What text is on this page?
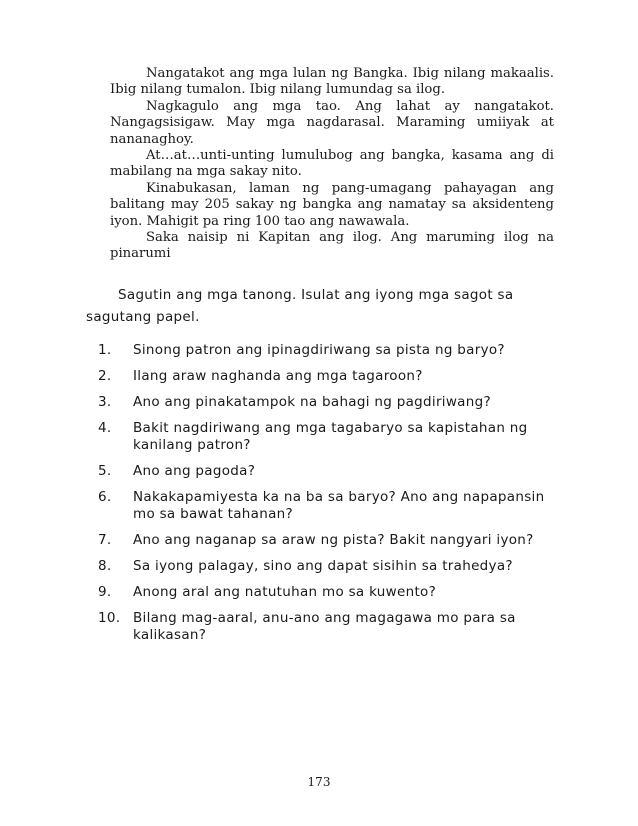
Nangatakot ang mga lulan ng Bangka. Ibig nilang makaalis. Ibig nilang tumalon. Ibig nilang lumundag sa ilog.

Nagkagulo ang mga tao. Ang lahat ay nangatakot. Nangagsisigaw. May mga nagdarasal. Maraming umiiyak at nananaghoy.

At…at…unti-unting lumulubog ang bangka, kasama ang di mabilang na mga sakay nito.

Kinabukasan, laman ng pang-umagang pahayagan ang balitang may 205 sakay ng bangka ang namatay sa aksidenteng iyon. Mahigit pa ring 100 tao ang nawawala.

Saka naisip ni Kapitan ang ilog. Ang maruming ilog na pinarumi

Sagutin ang mga tanong. Isulat ang iyong mga sagot sa sagutang papel.

1.	Sinong patron ang ipinagdiriwang sa pista ng baryo?
2.	Ilang araw naghanda ang mga tagaroon?
3.	Ano ang pinakatampok na bahagi ng pagdiriwang?
4.	Bakit nagdiriwang ang mga tagabaryo sa kapistahan ng kanilang patron?
5.	Ano ang pagoda?
6.	Nakakapamiyesta ka na ba sa baryo? Ano ang napapansin mo sa bawat tahanan?
7.	Ano ang naganap sa araw ng pista? Bakit nangyari iyon?
8.	Sa iyong palagay, sino ang dapat sisihin sa trahedya?
9.	Anong aral ang natutuhan mo sa kuwento?
10. Bilang mag-aaral, anu-ano ang magagawa mo para sa kalikasan?
173
